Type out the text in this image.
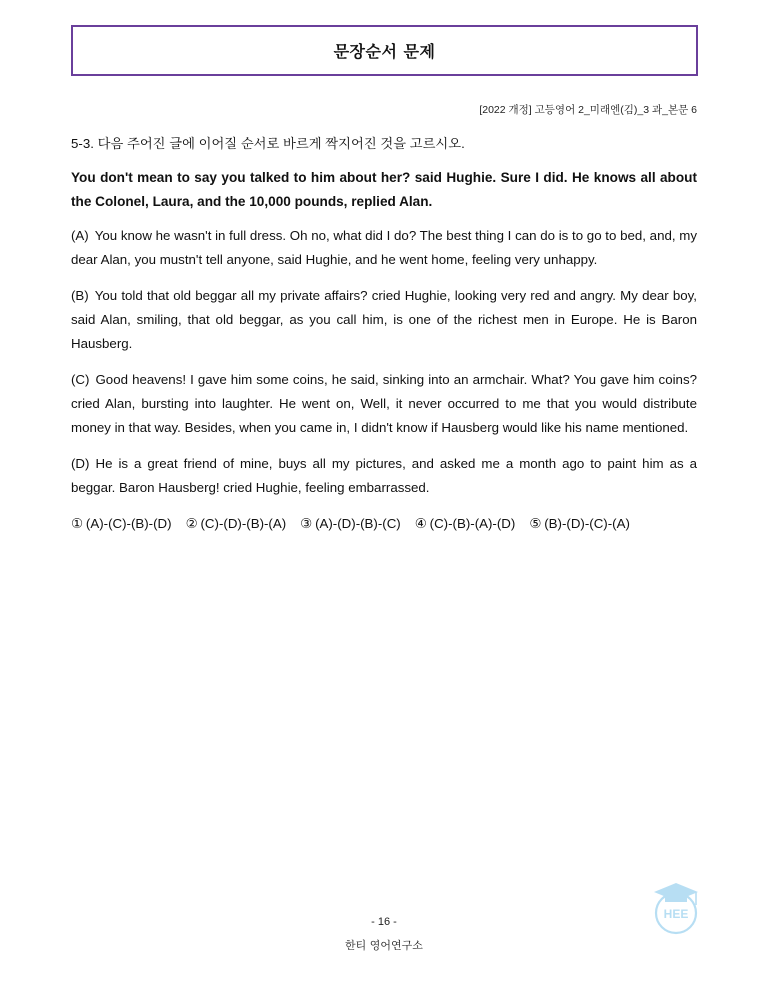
문장순서 문제
[2022 개정] 고등영어 2_미래엔(김)_3 과_본문 6

5-3. 다음 주어진 글에 이어질 순서로 바르게 짝지어진 것을 고르시오.

You don't mean to say you talked to him about her? said Hughie. Sure I did. He knows all about the Colonel, Laura, and the 10,000 pounds, replied Alan.

(A) You know he wasn't in full dress. Oh no, what did I do? The best thing I can do is to go to bed, and, my dear Alan, you mustn't tell anyone, said Hughie, and he went home, feeling very unhappy.

(B) You told that old beggar all my private affairs? cried Hughie, looking very red and angry. My dear boy, said Alan, smiling, that old beggar, as you call him, is one of the richest men in Europe. He is Baron Hausberg.

(C) Good heavens! I gave him some coins, he said, sinking into an armchair. What? You gave him coins? cried Alan, bursting into laughter. He went on, Well, it never occurred to me that you would distribute money in that way. Besides, when you came in, I didn't know if Hausberg would like his name mentioned.

(D) He is a great friend of mine, buys all my pictures, and asked me a month ago to paint him as a beggar. Baron Hausberg! cried Hughie, feeling embarrassed.

① (A)-(C)-(B)-(D) ② (C)-(D)-(B)-(A) ③ (A)-(D)-(B)-(C) ④ (C)-(B)-(A)-(D) ⑤ (B)-(D)-(C)-(A)
- 16 -
한티 영어연구소
HEE
